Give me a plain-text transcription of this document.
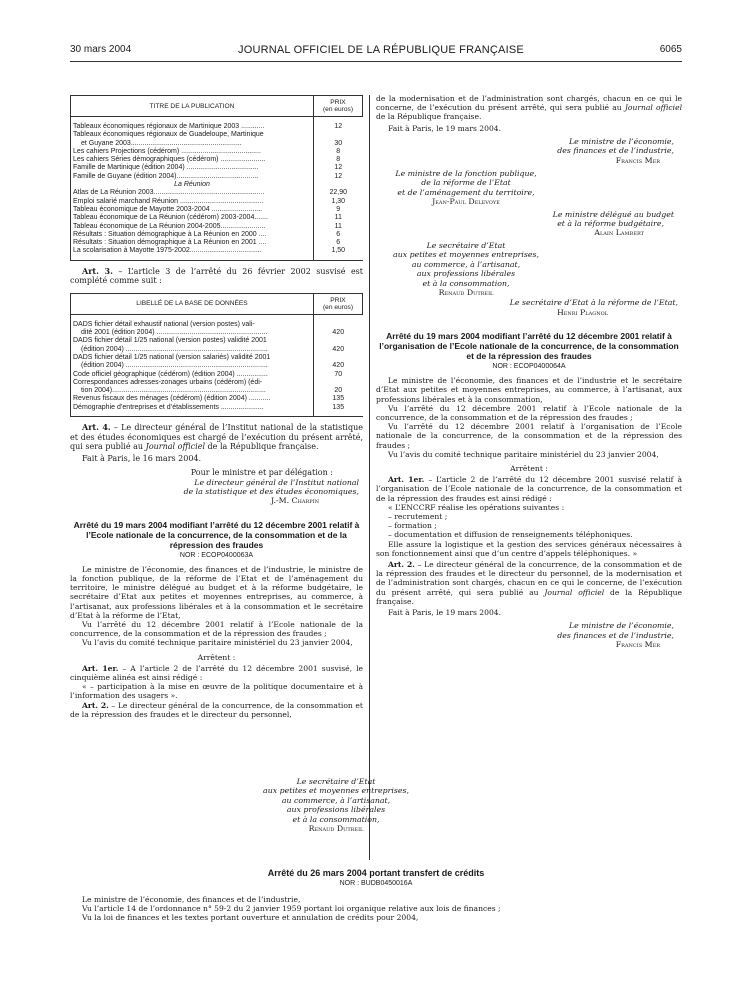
30 mars 2004	JOURNAL OFFICIEL DE LA RÉPUBLIQUE FRANÇAISE	6065
TITRE DE LA PUBLICATION	PRIX
(en euros)
Tableaux économiques régionaux de Martinique 2003 ............	12
Tableaux économiques régionaux de Guadeloupe, Martinique	
et Guyane 2003.........................................................	30
Les cahiers Projections (cédérom) .........................................	8
Les cahiers Séries démographiques (cédérom) .......................	8
Famille de Martinique (édition 2004) .....................................	12
Famille de Guyane (édition 2004)..........................................	12
La Réunion	
Atlas de La Réunion 2003.........................................................	22,90
Emploi salarié marchand Réunion ...........................................	1,30
Tableau économique de Mayotte 2003-2004 ..........................	9
Tableau économique de La Réunion (cédérom) 2003-2004.......	11
Tableau économique de La Réunion 2004-2005.......................	11
Résultats : Situation démographique à La Réunion en 2000 ....	6
Résultats : Situation démographique à La Réunion en 2001 ....	6
La scolarisation à Mayotte 1975-2002.....................................	1,50

Art. 3. – L’article 3 de l’arrêté du 26 février 2002 susvisé est complété comme suit :

LIBELLÉ DE LA BASE DE DONNÉES	PRIX
(en euros)
DADS fichier détail exhaustif national (version postes) vali-	
dité 2001 (édition 2004) .........................................................	420
DADS fichier détail 1/25 national (version postes) validité 2001	
(édition 2004) .........................................................................	420
DADS fichier détail 1/25 national (version salariés) validité 2001	
(édition 2004) .........................................................................	420
Code officiel géographique (cédérom) (édition 2004) ................	70
Correspondances adresses-zonages urbains (cédérom) (édi-	
tion 2004)...............................................................................	20
Revenus fiscaux des ménages (cédérom) (édition 2004) ...........	135
Démographie d’entreprises et d’établissements ......................	135

Art. 4. – Le directeur général de l’Institut national de la statistique et des études économiques est chargé de l’exécution du présent arrêté, qui sera publié au Journal officiel de la République française.

Fait à Paris, le 16 mars 2004.

Pour le ministre et par délégation :

Le directeur général de l’Institut national
de la statistique et des études économiques,
J.-M. Charpin

Arrêté du 19 mars 2004 modifiant l’arrêté du 12 décembre 2001 relatif à l’Ecole nationale de la concurrence, de la consommation et de la répression des fraudes

NOR : ECOP0400063A

Le ministre de l’économie, des finances et de l’industrie, le ministre de la fonction publique, de la réforme de l’Etat et de l’aménagement du territoire, le ministre délégué au budget et à la réforme budgétaire, le secrétaire d’Etat aux petites et moyennes entreprises, au commerce, à l’artisanat, aux professions libérales et à la consommation et le secrétaire d’Etat à la réforme de l’Etat,

Vu l’arrêté du 12 décembre 2001 relatif à l’Ecole nationale de la concurrence, de la consommation et de la répression des fraudes ;

Vu l’avis du comité technique paritaire ministériel du 23 janvier 2004,

Arrêtent :

Art. 1er. – A l’article 2 de l’arrêté du 12 décembre 2001 susvisé, le cinquième alinéa est ainsi rédigé :

« – participation à la mise en œuvre de la politique documentaire et à l’information des usagers ».

Art. 2. – Le directeur général de la concurrence, de la consommation et de la répression des fraudes et le directeur du personnel,

de la modernisation et de l’administration sont chargés, chacun en ce qui le concerne, de l’exécution du présent arrêté, qui sera publié au Journal officiel de la République française.

Fait à Paris, le 19 mars 2004.

Le ministre de l’économie,
des finances et de l’industrie,
Francis Mer
Le ministre de la fonction publique,
de la réforme de l’Etat
et de l’aménagement du territoire,
Jean-Paul Delevoye
Le ministre délégué au budget
et à la réforme budgétaire,
Alain Lambert
Le secrétaire d’Etat
aux petites et moyennes entreprises,
au commerce, à l’artisanat,
aux professions libérales
et à la consommation,
Renaud Dutreil
Le secrétaire d’Etat à la réforme de l’Etat,
Henri Plagnol

Arrêté du 19 mars 2004 modifiant l’arrêté du 12 décembre 2001 relatif à l’organisation de l’Ecole nationale de la concurrence, de la consommation et de la répression des fraudes

NOR : ECOP0400064A

Le ministre de l’économie, des finances et de l’industrie et le secrétaire d’Etat aux petites et moyennes entreprises, au commerce, à l’artisanat, aux professions libérales et à la consommation,

Vu l’arrêté du 12 décembre 2001 relatif à l’Ecole nationale de la concurrence, de la consommation et de la répression des fraudes ;

Vu l’arrêté du 12 décembre 2001 relatif à l’organisation de l’Ecole nationale de la concurrence, de la consommation et de la répression des fraudes ;

Vu l’avis du comité technique paritaire ministériel du 23 janvier 2004,

Arrêtent :

Art. 1er. – L’article 2 de l’arrêté du 12 décembre 2001 susvisé relatif à l’organisation de l’Ecole nationale de la concurrence, de la consommation et de la répression des fraudes est ainsi rédigé :

« L’ENCCRF réalise les opérations suivantes :

– recrutement ;

– formation ;

– documentation et diffusion de renseignements téléphoniques.

Elle assure la logistique et la gestion des services généraux nécessaires à son fonctionnement ainsi que d’un centre d’appels téléphoniques. »

Art. 2. – Le directeur général de la concurrence, de la consommation et de la répression des fraudes et le directeur du personnel, de la modernisation et de l’administration sont chargés, chacun en ce qui le concerne, de l’exécution du présent arrêté, qui sera publié au Journal officiel de la République française.

Fait à Paris, le 19 mars 2004.

Le ministre de l’économie,
des finances et de l’industrie,
Francis Mer
Le secrétaire d’Etat
aux petites et moyennes entreprises,
au commerce, à l’artisanat,
aux professions libérales
et à la consommation,
Renaud Dutreil

Arrêté du 26 mars 2004 portant transfert de crédits

NOR : BUDB0450016A

Le ministre de l’économie, des finances et de l’industrie,

Vu l’article 14 de l’ordonnance n° 59-2 du 2 janvier 1959 portant loi organique relative aux lois de finances ;

Vu la loi de finances et les textes portant ouverture et annulation de crédits pour 2004,
